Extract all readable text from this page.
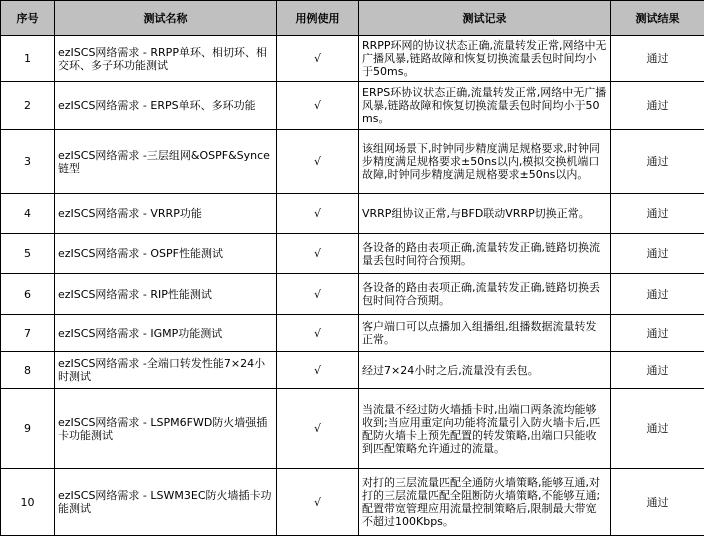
序号	测试名称	用例使用	测试记录	测试结果
1	ezISCS网络需求 - RRPP单环、相切环、相交环、多子环功能测试	√	RRPP环网的协议状态正确,流量转发正常,网络中无广播风暴,链路故障和恢复切换流量丢包时间均小于50ms。	通过
2	ezISCS网络需求 - ERPS单环、多环功能	√	ERPS环协议状态正确,流量转发正常,网络中无广播风暴,链路故障和恢复切换流量丢包时间均小于50ms。	通过
3	ezISCS网络需求 -三层组网&OSPF&Synce链型	√	该组网场景下,时钟同步精度满足规格要求,时钟同步精度满足规格要求±50ns以内,模拟交换机端口故障,时钟同步精度满足规格要求±50ns以内。	通过
4	ezISCS网络需求 - VRRP功能	√	VRRP组协议正常,与BFD联动VRRP切换正常。	通过
5	ezISCS网络需求 - OSPF性能测试	√	各设备的路由表项正确,流量转发正确,链路切换流量丢包时间符合预期。	通过
6	ezISCS网络需求 - RIP性能测试	√	各设备的路由表项正确,流量转发正确,链路切换丢包时间符合预期。	通过
7	ezISCS网络需求 - IGMP功能测试	√	客户端口可以点播加入组播组,组播数据流量转发正常。	通过
8	ezISCS网络需求 -全端口转发性能7×24小时测试	√	经过7×24小时之后,流量没有丢包。	通过
9	ezISCS网络需求 - LSPM6FWD防火墙强插卡功能测试	√	当流量不经过防火墙插卡时,出端口两条流均能够收到;当应用重定向功能将流量引入防火墙卡后,匹配防火墙卡上预先配置的转发策略,出端口只能收到匹配策略允许通过的流量。	通过
10	ezISCS网络需求 - LSWM3EC防火墙插卡功能测试	√	对打的三层流量匹配全通防火墙策略,能够互通,对打的三层流量匹配全阻断防火墙策略,不能够互通;配置带宽管理应用流量控制策略后,限制最大带宽不超过100Kbps。	通过
